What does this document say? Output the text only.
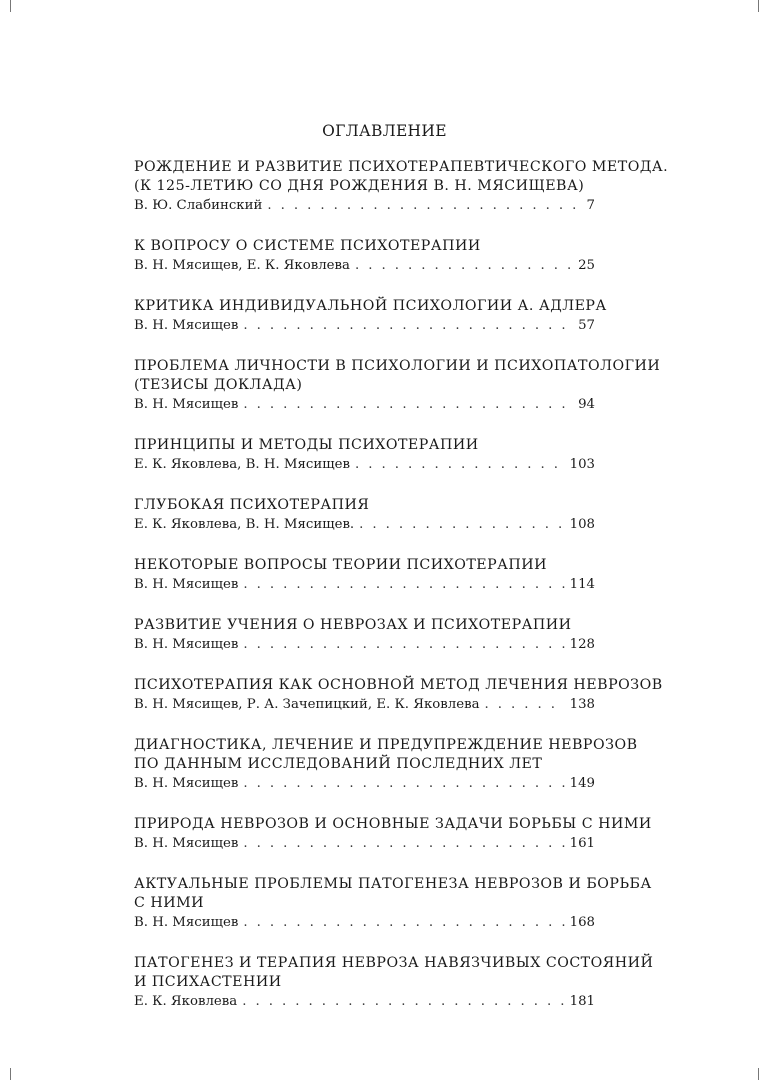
ОГЛАВЛЕНИЕ
РОЖДЕНИЕ И РАЗВИТИЕ ПСИХОТЕРАПЕВТИЧЕСКОГО МЕТОДА.
(К 125-ЛЕТИЮ СО ДНЯ РОЖДЕНИЯ В. Н. МЯСИЩЕВА)
В. Ю. Слабинский . . .	7
К ВОПРОСУ О СИСТЕМЕ ПСИХОТЕРАПИИ
В. Н. Мясищев, Е. К. Яковлева . . .	25
КРИТИКА ИНДИВИДУАЛЬНОЙ ПСИХОЛОГИИ А. АДЛЕРА
В. Н. Мясищев . . .	57
ПРОБЛЕМА ЛИЧНОСТИ В ПСИХОЛОГИИ И ПСИХОПАТОЛОГИИ
(ТЕЗИСЫ ДОКЛАДА)
В. Н. Мясищев . . .	94
ПРИНЦИПЫ И МЕТОДЫ ПСИХОТЕРАПИИ
Е. К. Яковлева, В. Н. Мясищев . . .	103
ГЛУБОКАЯ ПСИХОТЕРАПИЯ
Е. К. Яковлева, В. Н. Мясищев. . . .	108
НЕКОТОРЫЕ ВОПРОСЫ ТЕОРИИ ПСИХОТЕРАПИИ
В. Н. Мясищев . . .	114
РАЗВИТИЕ УЧЕНИЯ О НЕВРОЗАХ И ПСИХОТЕРАПИИ
В. Н. Мясищев . . .	128
ПСИХОТЕРАПИЯ КАК ОСНОВНОЙ МЕТОД ЛЕЧЕНИЯ НЕВРОЗОВ
В. Н. Мясищев, Р. А. Зачепицкий, Е. К. Яковлева . . .	138
ДИАГНОСТИКА, ЛЕЧЕНИЕ И ПРЕДУПРЕЖДЕНИЕ НЕВРОЗОВ
ПО ДАННЫМ ИССЛЕДОВАНИЙ ПОСЛЕДНИХ ЛЕТ
В. Н. Мясищев . . .	149
ПРИРОДА НЕВРОЗОВ И ОСНОВНЫЕ ЗАДАЧИ БОРЬБЫ С НИМИ
В. Н. Мясищев . . .	161
АКТУАЛЬНЫЕ ПРОБЛЕМЫ ПАТОГЕНЕЗА НЕВРОЗОВ И БОРЬБА
С НИМИ
В. Н. Мясищев . . .	168
ПАТОГЕНЕЗ И ТЕРАПИЯ НЕВРОЗА НАВЯЗЧИВЫХ СОСТОЯНИЙ
И ПСИХАСТЕНИИ
Е. К. Яковлева . . .	181
